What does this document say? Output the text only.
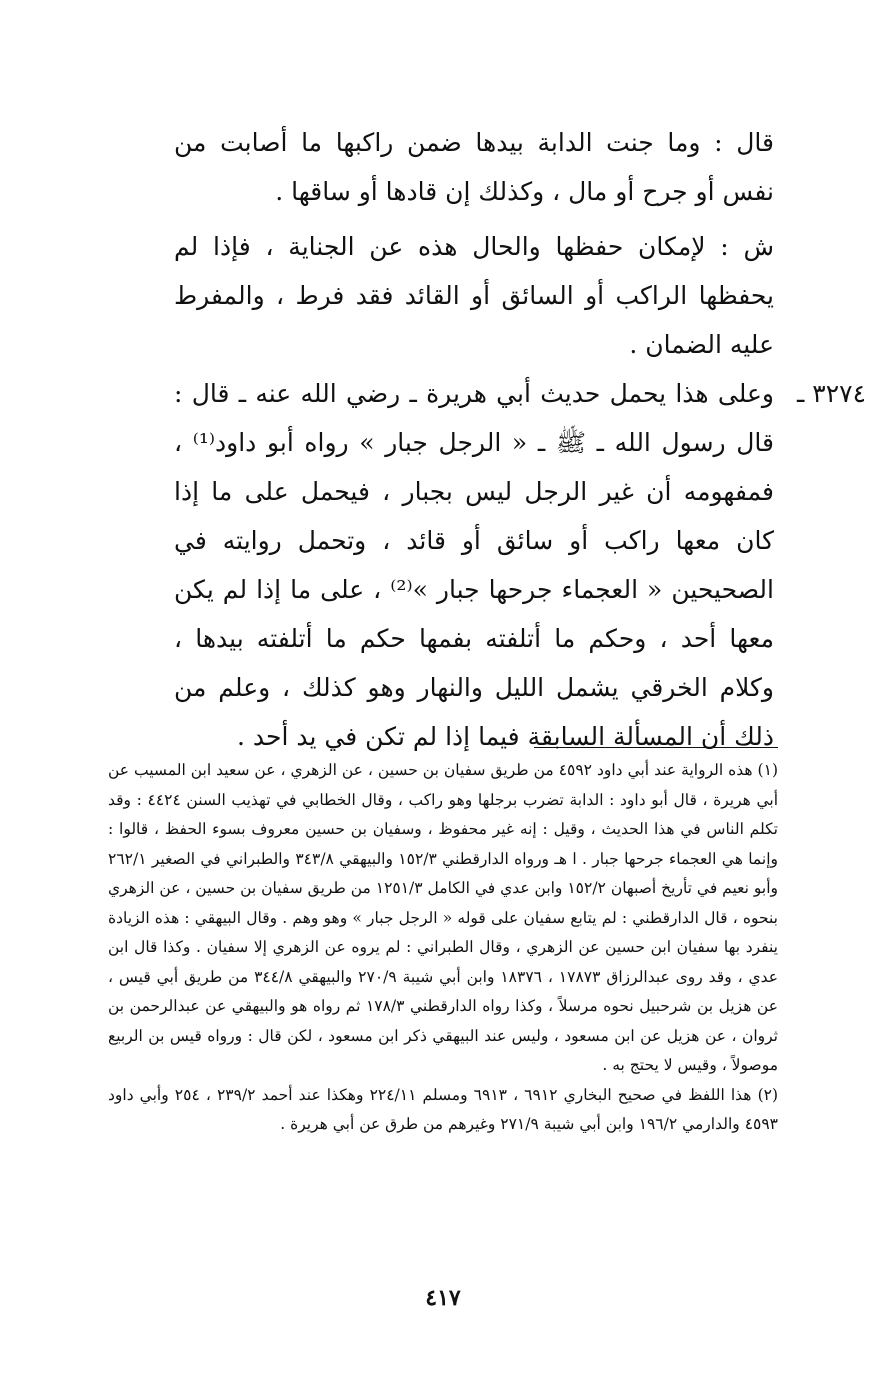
قال : وما جنت الدابة بيدها ضمن راكبها ما أصابت من نفس أو جرح أو مال ، وكذلك إن قادها أو ساقها .

ش : لإمكان حفظها والحال هذه عن الجناية ، فإذا لم يحفظها الراكب أو السائق أو القائد فقد فرط ، والمفرط عليه الضمان .

٣٢٧٤ ـ

وعلى هذا يحمل حديث أبي هريرة ـ رضي الله عنه ـ قال : قال رسول الله ـ ﷺ ـ « الرجل جبار » رواه أبو داود⁽¹⁾ ، فمفهومه أن غير الرجل ليس بجبار ، فيحمل على ما إذا كان معها راكب أو سائق أو قائد ، وتحمل روايته في الصحيحين « العجماء جرحها جبار »⁽²⁾ ، على ما إذا لم يكن معها أحد ، وحكم ما أتلفته بفمها حكم ما أتلفته بيدها ، وكلام الخرقي يشمل الليل والنهار وهو كذلك ، وعلم من ذلك أن المسألة السابقة فيما إذا لم تكن في يد أحد .

(١) هذه الرواية عند أبي داود ٤٥٩٢ من طريق سفيان بن حسين ، عن الزهري ، عن سعيد ابن المسيب عن أبي هريرة ، قال أبو داود : الدابة تضرب برجلها وهو راكب ، وقال الخطابي في تهذيب السنن ٤٤٢٤ : وقد تكلم الناس في هذا الحديث ، وقيل : إنه غير محفوظ ، وسفيان بن حسين معروف بسوء الحفظ ، قالوا : وإنما هي العجماء جرحها جبار . ا هـ ورواه الدارقطني ١٥٢/٣ والبيهقي ٣٤٣/٨ والطبراني في الصغير ٢٦٢/١ وأبو نعيم في تأريخ أصبهان ١٥٢/٢ وابن عدي في الكامل ١٢٥١/٣ من طريق سفيان بن حسين ، عن الزهري بنحوه ، قال الدارقطني : لم يتابع سفيان على قوله « الرجل جبار » وهو وهم . وقال البيهقي : هذه الزيادة ينفرد بها سفيان ابن حسين عن الزهري ، وقال الطبراني : لم يروه عن الزهري إلا سفيان . وكذا قال ابن عدي ، وقد روى عبدالرزاق ١٧٨٧٣ ، ١٨٣٧٦ وابن أبي شيبة ٢٧٠/٩ والبيهقي ٣٤٤/٨ من طريق أبي قيس ، عن هزيل بن شرحبيل نحوه مرسلاً ، وكذا رواه الدارقطني ١٧٨/٣ ثم رواه هو والبيهقي عن عبدالرحمن بن ثروان ، عن هزيل عن ابن مسعود ، وليس عند البيهقي ذكر ابن مسعود ، لكن قال : ورواه قيس بن الربيع موصولاً ، وقيس لا يحتج به .

(٢) هذا اللفظ في صحيح البخاري ٦٩١٢ ، ٦٩١٣ ومسلم ٢٢٤/١١ وهكذا عند أحمد ٢٣٩/٢ ، ٢٥٤ وأبي داود ٤٥٩٣ والدارمي ١٩٦/٢ وابن أبي شيبة ٢٧١/٩ وغيرهم من طرق عن أبي هريرة .

٤١٧
